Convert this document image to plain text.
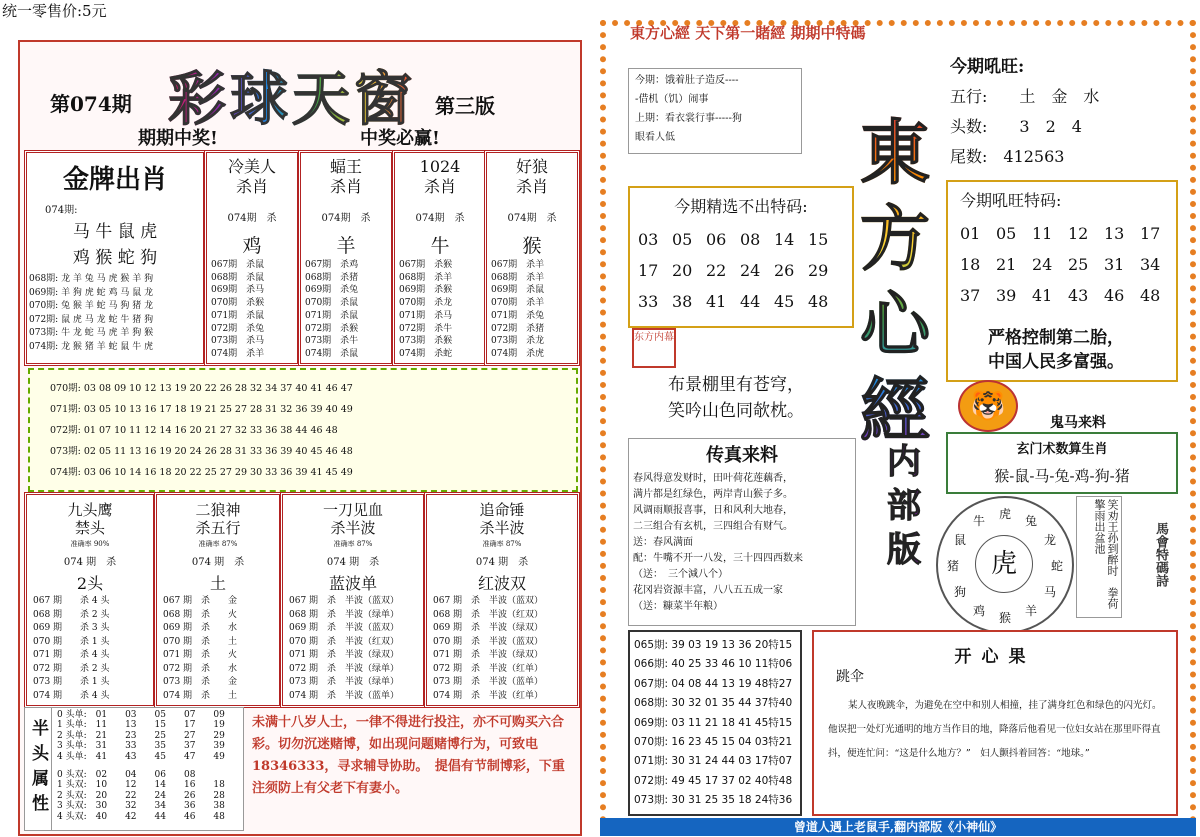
统一零售价:5元
第074期 彩球天窗 第三版
期期中奖!	中奖必赢!
金牌出肖
074期:
马 牛 鼠 虎
鸡 猴 蛇 狗
068期: 龙 羊 兔 马 虎 猴 羊 狗
069期: 羊 狗 虎 蛇 鸡 马 鼠 龙
070期: 兔 猴 羊 蛇 马 狗 猪 龙
072期: 鼠 虎 马 龙 蛇 牛 猪 狗
073期: 牛 龙 蛇 马 虎 羊 狗 猴
074期: 龙 猴 猪 羊 蛇 鼠 牛 虎
冷美人
杀肖
074期　杀
鸡
067期　杀鼠
068期　杀鼠
069期　杀马
070期　杀猴
071期　杀鼠
072期　杀兔
073期　杀马
074期　杀羊
蝠王
杀肖
074期　杀
羊
067期　杀鸡
068期　杀猪
069期　杀兔
070期　杀鼠
071期　杀鼠
072期　杀猴
073期　杀牛
074期　杀鼠
1024
杀肖
074期　杀
牛
067期　杀猴
068期　杀羊
069期　杀猴
070期　杀龙
071期　杀马
072期　杀牛
073期　杀猴
074期　杀蛇
好狼
杀肖
074期　杀
猴
067期　杀羊
068期　杀羊
069期　杀鼠
070期　杀羊
071期　杀兔
072期　杀猪
073期　杀龙
074期　杀虎
070期: 03 08 09 10 12 13 19 20 22 26 28 32 34 37 40 41 46 47
071期: 03 05 10 13 16 17 18 19 21 25 27 28 31 32 36 39 40 49
072期: 01 07 10 11 12 14 16 20 21 27 32 33 36 38 44 46 48
073期: 02 05 11 13 16 19 20 24 26 28 31 33 36 39 40 45 46 48
074期: 03 06 10 14 16 18 20 22 25 27 29 30 33 36 39 41 45 49
九头鹰
禁头
准确率 90%
074 期　杀
2头
067 期　　杀 4 头
068 期　　杀 2 头
069 期　　杀 3 头
070 期　　杀 1 头
071 期　　杀 4 头
072 期　　杀 2 头
073 期　　杀 1 头
074 期　　杀 4 头
二狼神
杀五行
准确率 87%
074 期　杀
土
067 期　杀　　金
068 期　杀　　火
069 期　杀　　水
070 期　杀　　土
071 期　杀　　火
072 期　杀　　水
073 期　杀　　金
074 期　杀　　土
一刀见血
杀半波
准确率 87%
074 期　杀
蓝波单
067 期　杀　半波（蓝双）
068 期　杀　半波（绿单）
069 期　杀　半波（蓝双）
070 期　杀　半波（红双）
071 期　杀　半波（绿双）
072 期　杀　半波（绿单）
073 期　杀　半波（绿单）
074 期　杀　半波（蓝单）
追命锤
杀半波
准确率 87%
074 期　杀
红波双
067 期　杀　半波（蓝双）
068 期　杀　半波（红双）
069 期　杀　半波（绿双）
070 期　杀　半波（蓝双）
071 期　杀　半波（绿双）
072 期　杀　半波（红单）
073 期　杀　半波（蓝单）
074 期　杀　半波（红单）
半头属性
0 头单:　01　　03　　05　　07　　09
1 头单:　11　　13　　15　　17　　19
2 头单:　21　　23　　25　　27　　29
3 头单:　31　　33　　35　　37　　39
4 头单:　41　　43　　45　　47　　49
0 头双:　02　　04　　06　　08
1 头双:　10　　12　　14　　16　　18
2 头双:　20　　22　　24　　26　　28
3 头双:　30　　32　　34　　36　　38
4 头双:　40　　42　　44　　46　　48
未满十八岁人士，一律不得进行投注，亦不可购买六合彩。切勿沉迷赌博，如出现问题赌博行为，可致电18346333，寻求辅导协助。　提倡有节制博彩，下重注须防上有父老下有妻小。
東方心經 天下第一賭經 期期中特碼
今期：饿着肚子造反----
-借机（饥）闹事
上期：看衣裳行事-----狗
眼看人低	東方心經
内部版
今期吼旺:
五行:　　土　金　水
头数:　　3　2　4
尾数:　412563
今期精选不出特码:
03 05 06 08 14 15
17 20 22 24 26 29
33 38 41 44 45 48
今期吼旺特码:
01 05 11 12 13 17
18 21 24 25 31 34
37 39 41 43 46 48
严格控制第二胎，
中国人民多富强。
东方内幕
布景棚里有苍穹，
笑吟山色同欹枕。	🐯
鬼马来料
玄门术数算生肖
猴-鼠-马-兔-鸡-狗-猪
传真来料
春风得意发财时，田叶荷花莲藕香，
满片都是红绿色，两岸青山猴子多。
风调雨顺报喜事，日和风利大地春，
二三组合有玄机，三四组合有财气。
送：春风满面
配：牛嘴不开一八发，三十四四西数来
（送：　三个減八个）
花冈岩资源丰富，八八五五成一家
（送：糠菜半年粮）
虎
虎 兔
龙
蛇
马
羊
猴
鸡
狗
猪
鼠
牛	笑劝王孙到醉时　拳荷擎雨出盆池	馬會特碼詩
065期: 39 03 19 13 36 20特15
066期: 40 25 33 46 10 11特06
067期: 04 08 44 13 19 48特27
068期: 30 32 01 35 44 37特40
069期: 03 11 21 18 41 45特15
070期: 16 23 45 15 04 03特21
071期: 30 31 24 44 03 17特07
072期: 49 45 17 37 02 40特48
073期: 30 31 25 35 18 24特36
开心果
跳伞
某人夜晚跳伞，为避免在空中和别人相撞，挂了满身红色和绿色的闪光灯。他误把一处灯光通明的地方当作目的地，降落后他看见一位妇女站在那里吓得直抖，便连忙问：“这是什么地方？”　妇人颤抖着回答：“地球。”
曾道人遇上老鼠手,翻内部版《小神仙》
